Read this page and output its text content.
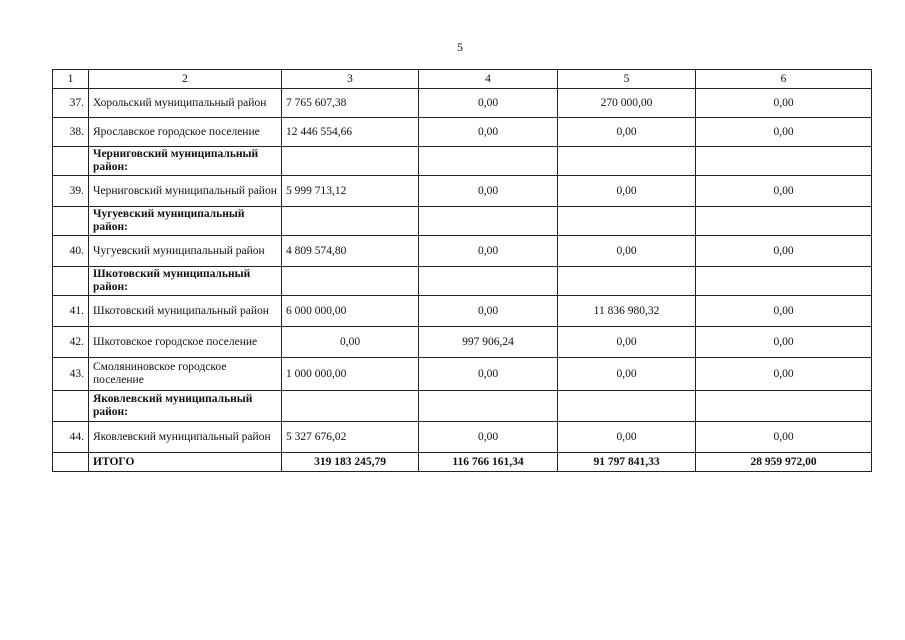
5
1	2	3	4	5	6
37.	Хорольский муниципальный район	7 765 607,38	0,00	270 000,00	0,00
38.	Ярославское городское поселение	12 446 554,66	0,00	0,00	0,00
	Черниговский муниципальный район:				
39.	Черниговский муниципальный район	5 999 713,12	0,00	0,00	0,00
	Чугуевский муниципальный район:				
40.	Чугуевский муниципальный район	4 809 574,80	0,00	0,00	0,00
	Шкотовский муниципальный район:				
41.	Шкотовский муниципальный район	6 000 000,00	0,00	11 836 980,32	0,00
42.	Шкотовское городское поселение	0,00	997 906,24	0,00	0,00
43.	Смоляниновское городское поселение	1 000 000,00	0,00	0,00	0,00
	Яковлевский муниципальный район:				
44.	Яковлевский муниципальный район	5 327 676,02	0,00	0,00	0,00
	ИТОГО	319 183 245,79	116 766 161,34	91 797 841,33	28 959 972,00
